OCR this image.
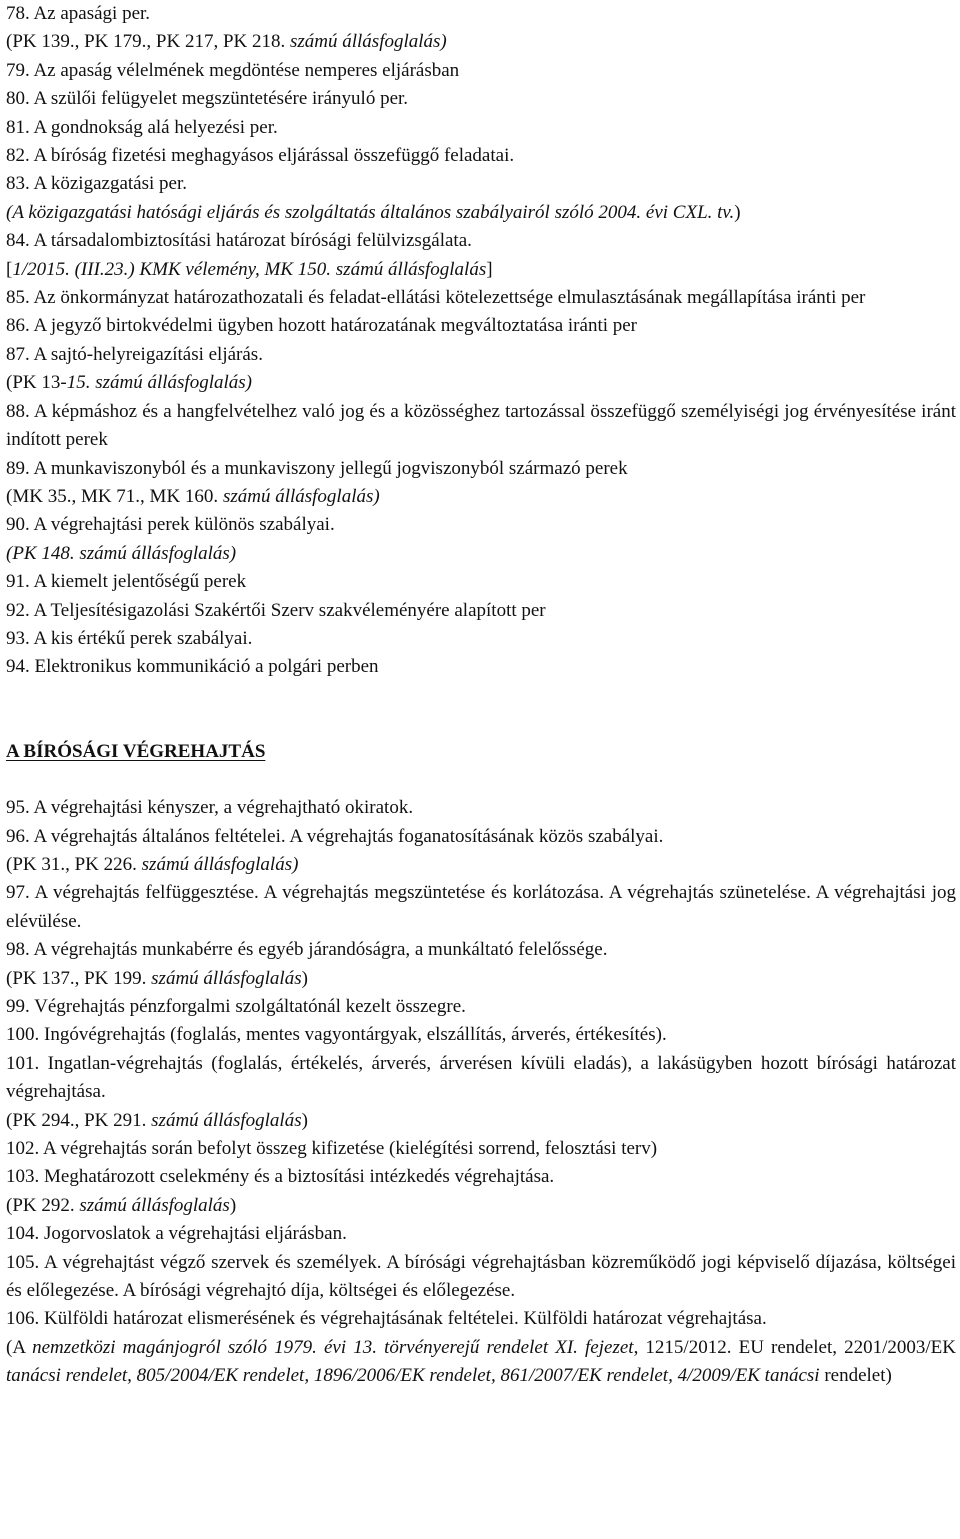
78. Az apasági per.
(PK 139., PK 179., PK 217, PK 218. számú állásfoglalás)
79. Az apaság vélelmének megdöntése nemperes eljárásban
80. A szülői felügyelet megszüntetésére irányuló per.
81. A gondnokság alá helyezési per.
82. A bíróság fizetési meghagyásos eljárással összefüggő feladatai.
83. A közigazgatási per.
(A közigazgatási hatósági eljárás és szolgáltatás általános szabályairól szóló 2004. évi CXL. tv.)
84. A társadalombiztosítási határozat bírósági felülvizsgálata.
[1/2015. (III.23.) KMK vélemény, MK 150. számú állásfoglalás]
85. Az önkormányzat határozathozatali és feladat-ellátási kötelezettsége elmulasztásának megállapítása iránti per
86. A jegyző birtokvédelmi ügyben hozott határozatának megváltoztatása iránti per
87. A sajtó-helyreigazítási eljárás.
(PK 13-15. számú állásfoglalás)
88. A képmáshoz és a hangfelvételhez való jog és a közösséghez tartozással összefüggő személyiségi jog érvényesítése iránt indított perek
89. A munkaviszonyból és a munkaviszony jellegű jogviszonyból származó perek
(MK 35., MK 71., MK 160. számú állásfoglalás)
90. A végrehajtási perek különös szabályai.
(PK 148. számú állásfoglalás)
91. A kiemelt jelentőségű perek
92. A Teljesítésigazolási Szakértői Szerv szakvéleményére alapított per
93. A kis értékű perek szabályai.
94. Elektronikus kommunikáció a polgári perben
A BÍRÓSÁGI VÉGREHAJTÁS
95. A végrehajtási kényszer, a végrehajtható okiratok.
96. A végrehajtás általános feltételei. A végrehajtás foganatosításának közös szabályai.
(PK 31., PK 226. számú állásfoglalás)
97. A végrehajtás felfüggesztése. A végrehajtás megszüntetése és korlátozása. A végrehajtás szünetelése. A végrehajtási jog elévülése.
98. A végrehajtás munkabérre és egyéb járandóságra, a munkáltató felelőssége.
(PK 137., PK 199. számú állásfoglalás)
99. Végrehajtás pénzforgalmi szolgáltatónál kezelt összegre.
100. Ingóvégrehajtás (foglalás, mentes vagyontárgyak, elszállítás, árverés, értékesítés).
101. Ingatlan-végrehajtás (foglalás, értékelés, árverés, árverésen kívüli eladás), a lakásügyben hozott bírósági határozat végrehajtása.
(PK 294., PK 291. számú állásfoglalás)
102. A végrehajtás során befolyt összeg kifizetése (kielégítési sorrend, felosztási terv)
103. Meghatározott cselekmény és a biztosítási intézkedés végrehajtása.
(PK 292. számú állásfoglalás)
104. Jogorvoslatok a végrehajtási eljárásban.
105. A végrehajtást végző szervek és személyek. A bírósági végrehajtásban közreműködő jogi képviselő díjazása, költségei és előlegezése. A bírósági végrehajtó díja, költségei és előlegezése.
106. Külföldi határozat elismerésének és végrehajtásának feltételei. Külföldi határozat végrehajtása.
(A nemzetközi magánjogról szóló 1979. évi 13. törvényerejű rendelet XI. fejezet, 1215/2012. EU rendelet, 2201/2003/EK tanácsi rendelet, 805/2004/EK rendelet, 1896/2006/EK rendelet, 861/2007/EK rendelet, 4/2009/EK tanácsi rendelet)
